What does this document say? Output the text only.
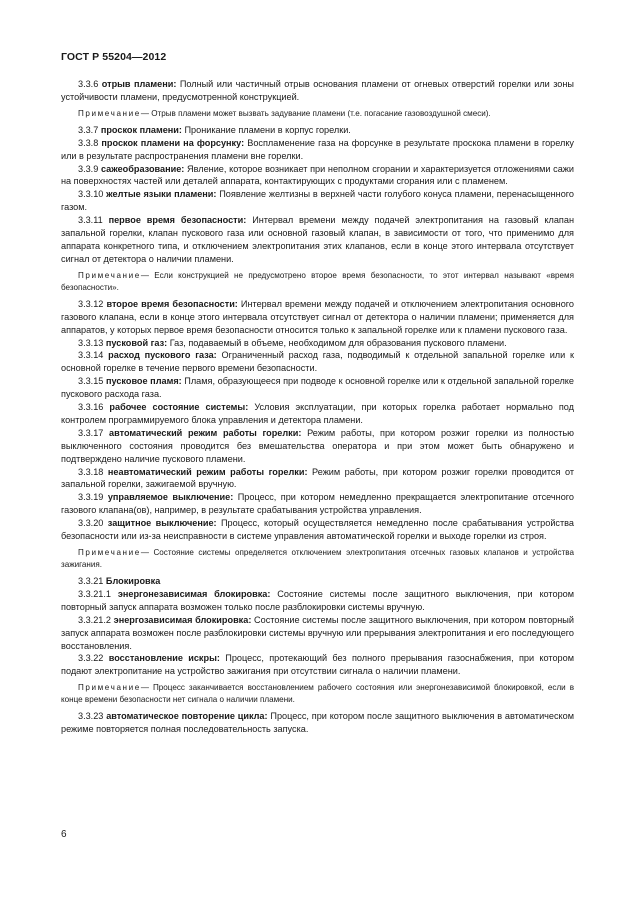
ГОСТ Р 55204—2012

3.3.6 отрыв пламени: Полный или частичный отрыв основания пламени от огневых отверстий горелки или зоны устойчивости пламени, предусмотренной конструкцией.

Примечание— Отрыв пламени может вызвать задувание пламени (т.е. погасание газовоздушной смеси).

3.3.7 проскок пламени: Проникание пламени в корпус горелки.

3.3.8 проскок пламени на форсунку: Воспламенение газа на форсунке в результате проскока пламени в горелку или в результате распространения пламени вне горелки.

3.3.9 сажеобразование: Явление, которое возникает при неполном сгорании и характеризуется отложениями сажи на поверхностях частей или деталей аппарата, контактирующих с продуктами сгорания или с пламенем.

3.3.10 желтые языки пламени: Появление желтизны в верхней части голубого конуса пламени, перенасыщенного газом.

3.3.11 первое время безопасности: Интервал времени между подачей электропитания на газовый клапан запальной горелки, клапан пускового газа или основной газовый клапан, в зависимости от того, что применимо для аппарата конкретного типа, и отключением электропитания этих клапанов, если в конце этого интервала отсутствует сигнал от детектора о наличии пламени.

Примечание— Если конструкцией не предусмотрено второе время безопасности, то этот интервал называют «время безопасности».

3.3.12 второе время безопасности: Интервал времени между подачей и отключением электропитания основного газового клапана, если в конце этого интервала отсутствует сигнал от детектора о наличии пламени; применяется для аппаратов, у которых первое время безопасности относится только к запальной горелке или к пламени пускового газа.

3.3.13 пусковой газ: Газ, подаваемый в объеме, необходимом для образования пускового пламени.

3.3.14 расход пускового газа: Ограниченный расход газа, подводимый к отдельной запальной горелке или к основной горелке в течение первого времени безопасности.

3.3.15 пусковое пламя: Пламя, образующееся при подводе к основной горелке или к отдельной запальной горелке пускового расхода газа.

3.3.16 рабочее состояние системы: Условия эксплуатации, при которых горелка работает нормально под контролем программируемого блока управления и детектора пламени.

3.3.17 автоматический режим работы горелки: Режим работы, при котором розжиг горелки из полностью выключенного состояния проводится без вмешательства оператора и при этом может быть обнаружено и подтверждено наличие пускового пламени.

3.3.18 неавтоматический режим работы горелки: Режим работы, при котором розжиг горелки проводится от запальной горелки, зажигаемой вручную.

3.3.19 управляемое выключение: Процесс, при котором немедленно прекращается электропитание отсечного газового клапана(ов), например, в результате срабатывания устройства управления.

3.3.20 защитное выключение: Процесс, который осуществляется немедленно после срабатывания устройства безопасности или из-за неисправности в системе управления автоматической горелки и выходе горелки из строя.

Примечание— Состояние системы определяется отключением электропитания отсечных газовых клапанов и устройства зажигания.

3.3.21 Блокировка

3.3.21.1 энергонезависимая блокировка: Состояние системы после защитного выключения, при котором повторный запуск аппарата возможен только после разблокировки системы вручную.

3.3.21.2 энергозависимая блокировка: Состояние системы после защитного выключения, при котором повторный запуск аппарата возможен после разблокировки системы вручную или прерывания электропитания и его последующего восстановления.

3.3.22 восстановление искры: Процесс, протекающий без полного прерывания газоснабжения, при котором подают электропитание на устройство зажигания при отсутствии сигнала о наличии пламени.

Примечание— Процесс заканчивается восстановлением рабочего состояния или энергонезависимой блокировкой, если в конце времени безопасности нет сигнала о наличии пламени.

3.3.23 автоматическое повторение цикла: Процесс, при котором после защитного выключения в автоматическом режиме повторяется полная последовательность запуска.

6
